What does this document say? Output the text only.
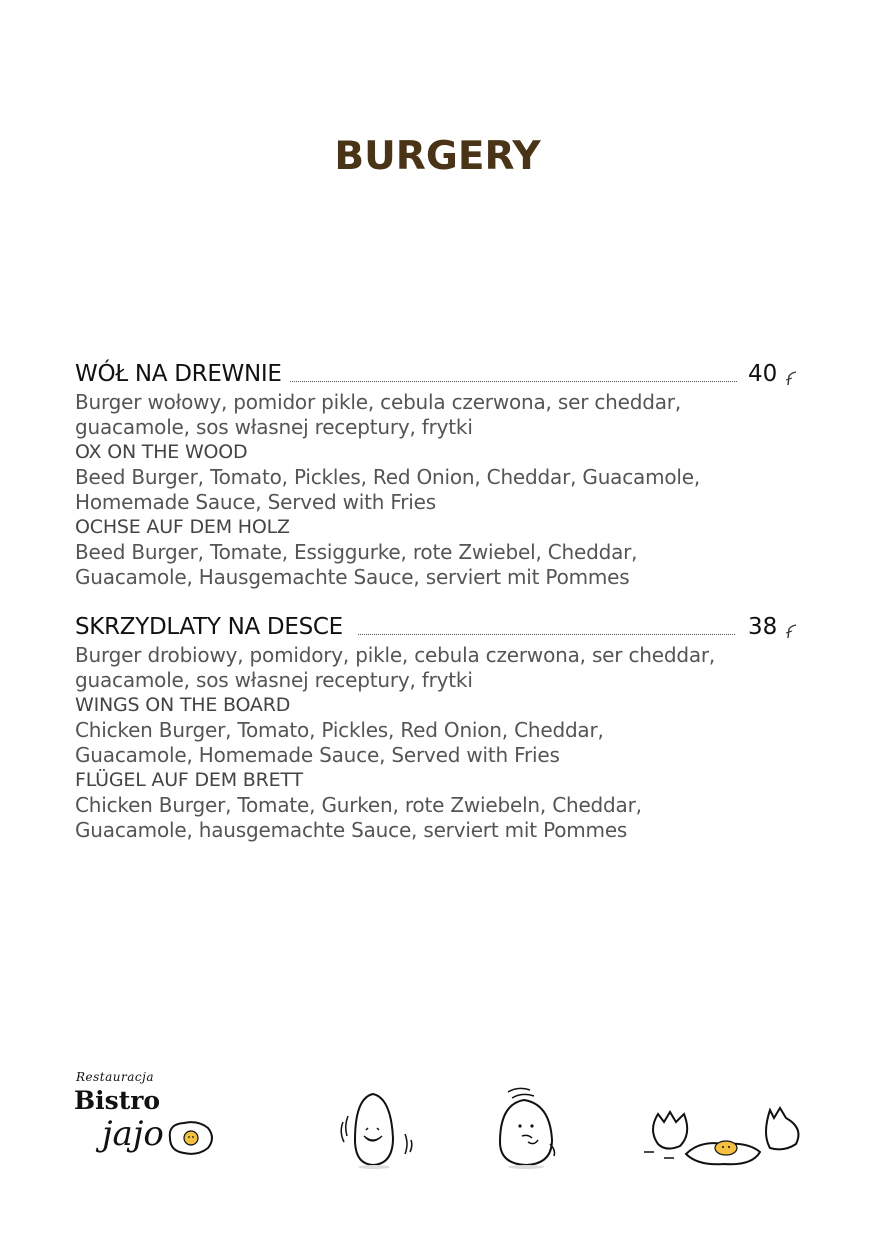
BURGERY
WÓŁ NA DREWNIE	40
Burger wołowy, pomidor pikle, cebula czerwona, ser cheddar,
guacamole, sos własnej receptury, frytki
OX ON THE WOOD
Beed Burger, Tomato, Pickles, Red Onion, Cheddar, Guacamole,
Homemade Sauce, Served with Fries
OCHSE AUF DEM HOLZ
Beed Burger, Tomate, Essiggurke, rote Zwiebel, Cheddar,
Guacamole, Hausgemachte Sauce, serviert mit Pommes
SKRZYDLATY NA DESCE	38
Burger drobiowy, pomidory, pikle, cebula czerwona, ser cheddar,
guacamole, sos własnej receptury, frytki
WINGS ON THE BOARD
Chicken Burger, Tomato, Pickles, Red Onion, Cheddar,
Guacamole, Homemade Sauce, Served with Fries
FLÜGEL AUF DEM BRETT
Chicken Burger, Tomate, Gurken, rote Zwiebeln, Cheddar,
Guacamole, hausgemachte Sauce, serviert mit Pommes
Restauracja
Bistro
jajo
